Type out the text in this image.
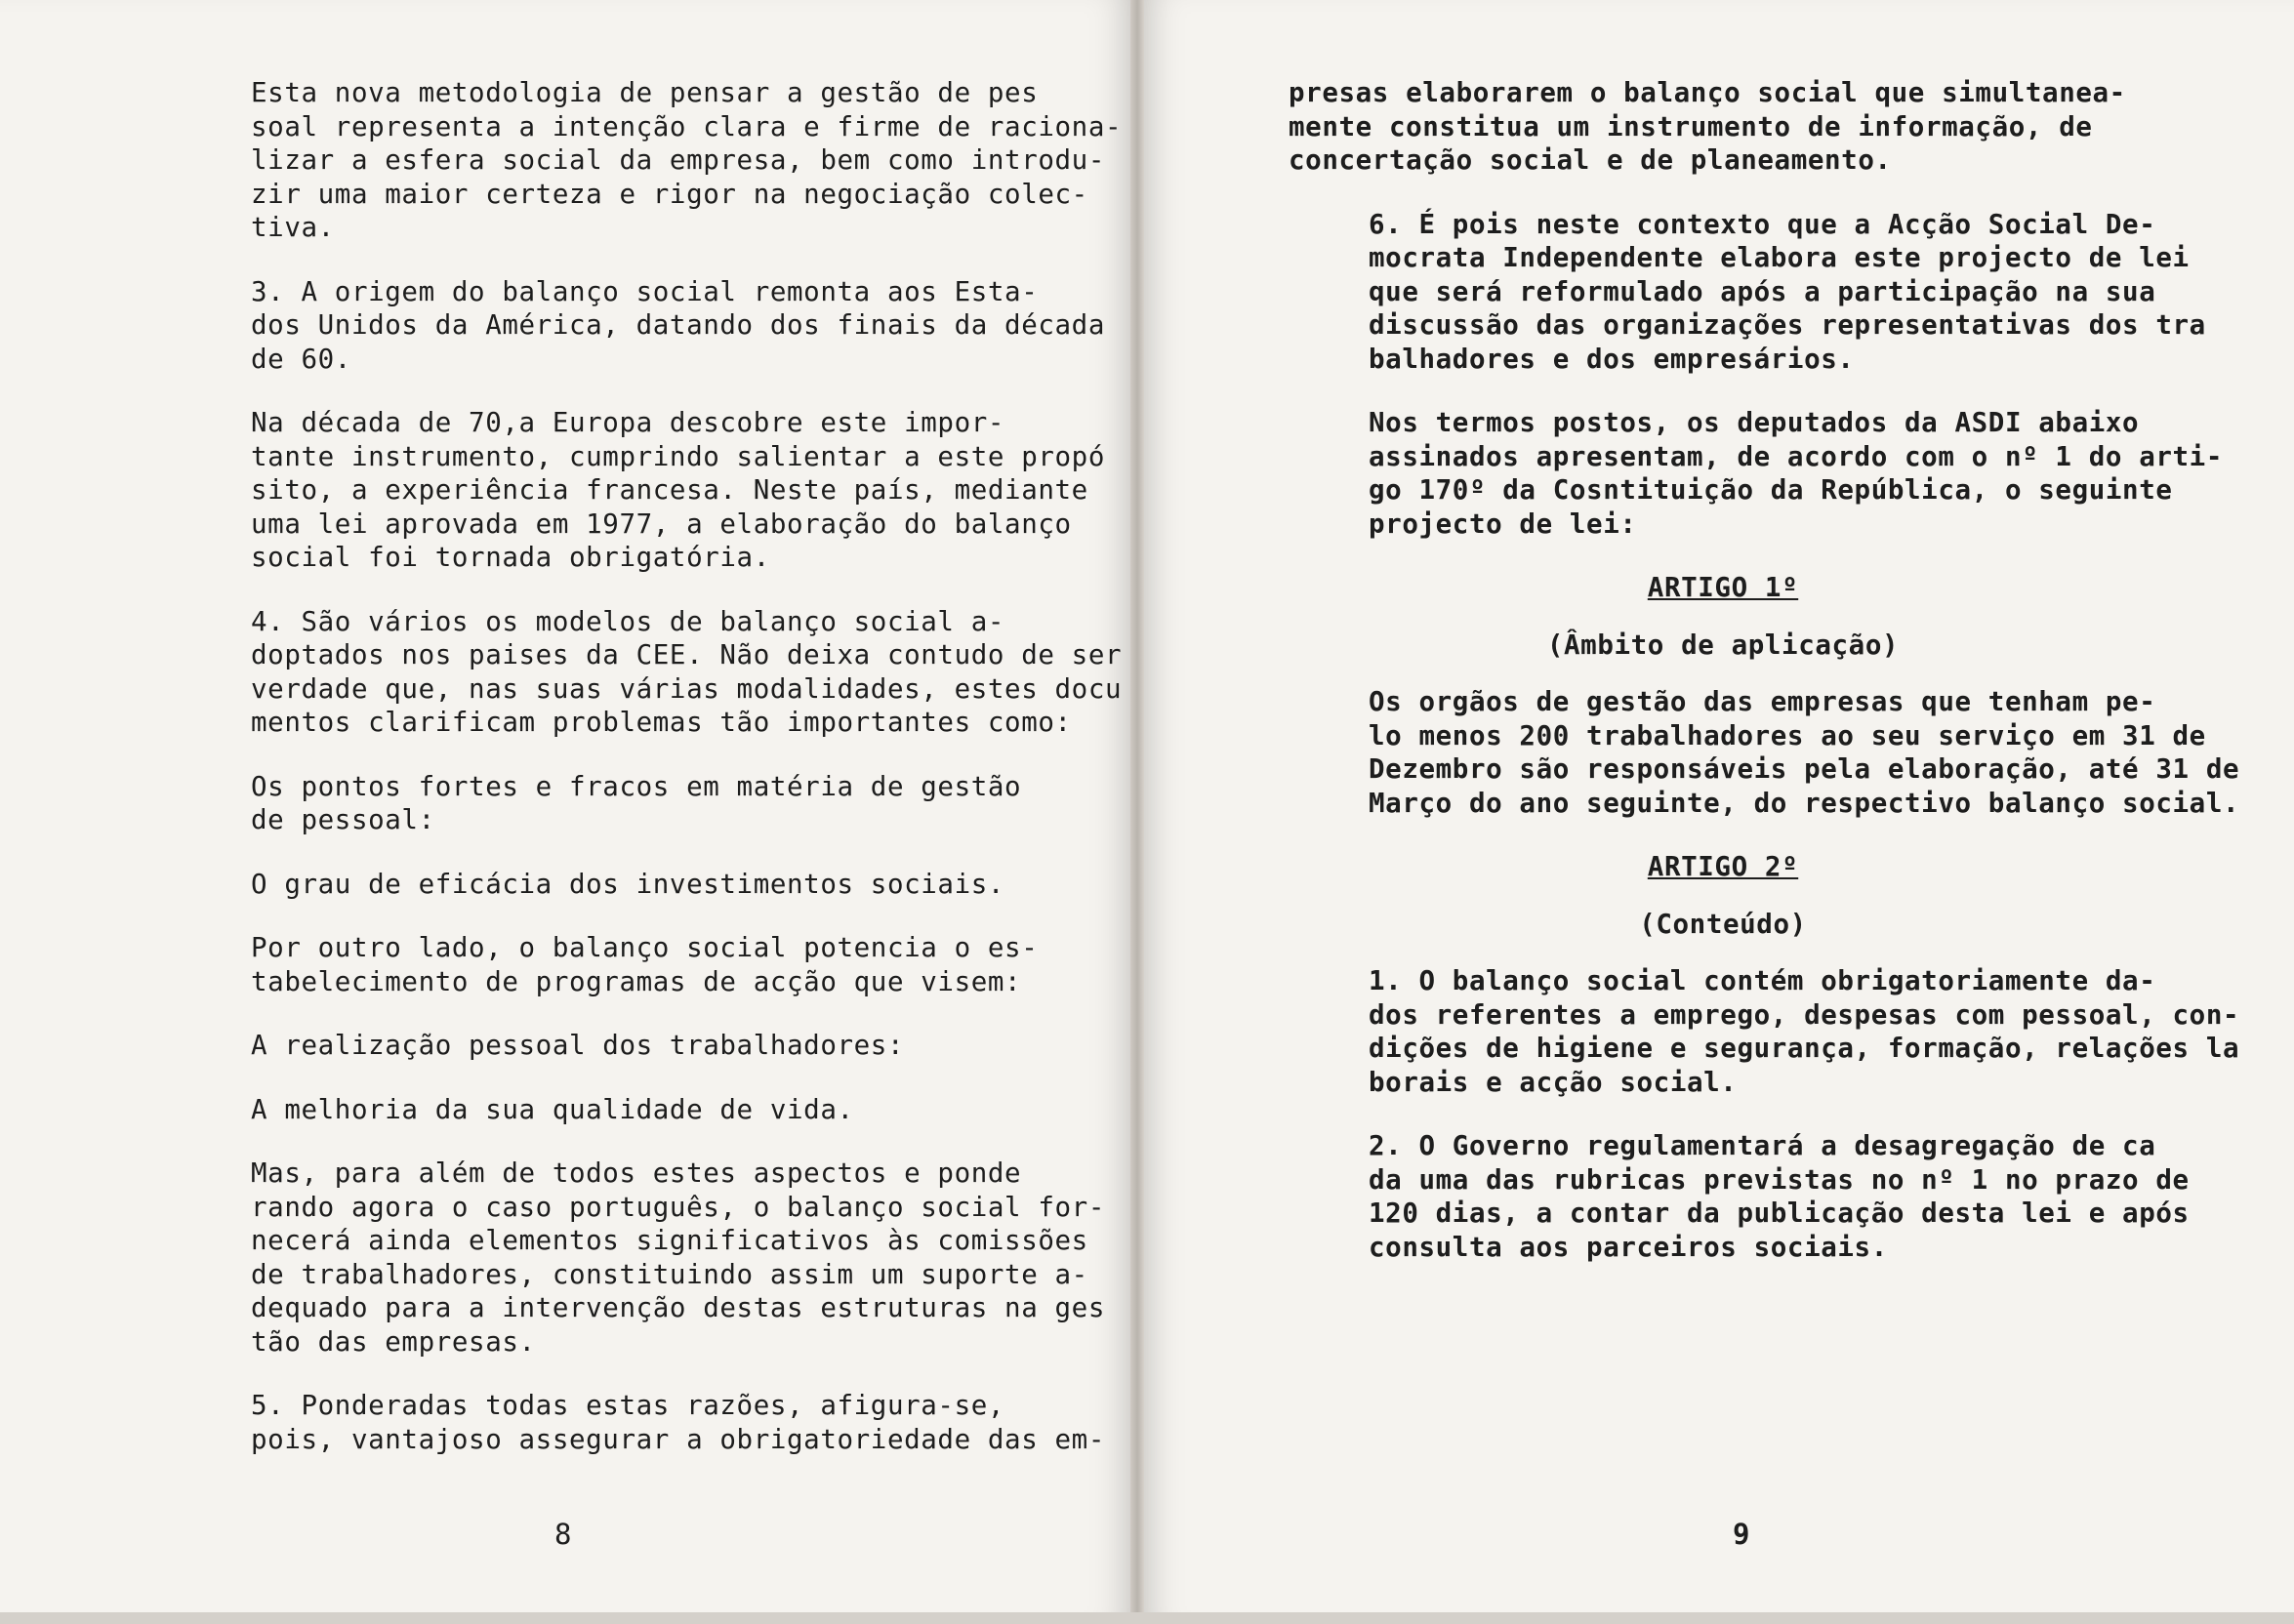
Esta nova metodologia de pensar a gestão de pes
soal representa a intenção clara e firme de raciona-
lizar a esfera social da empresa, bem como introdu-
zir uma maior certeza e rigor na negociação colec-
tiva.

3. A origem do balanço social remonta aos Esta-
dos Unidos da América, datando dos finais da década
de 60.

Na década de 70,a Europa descobre este impor-
tante instrumento, cumprindo salientar a este propó
sito, a experiência francesa. Neste país, mediante
uma lei aprovada em 1977, a elaboração do balanço
social foi tornada obrigatória.

4. São vários os modelos de balanço social a-
doptados nos paises da CEE. Não deixa contudo de ser
verdade que, nas suas várias modalidades, estes docu
mentos clarificam problemas tão importantes como:

Os pontos fortes e fracos em matéria de gestão
de pessoal:

O grau de eficácia dos investimentos sociais.

Por outro lado, o balanço social potencia o es-
tabelecimento de programas de acção que visem:

A realização pessoal dos trabalhadores:

A melhoria da sua qualidade de vida.

Mas, para além de todos estes aspectos e ponde
rando agora o caso português, o balanço social for-
necerá ainda elementos significativos às comissões
de trabalhadores, constituindo assim um suporte a-
dequado para a intervenção destas estruturas na ges
tão das empresas.

5. Ponderadas todas estas razões, afigura-se,
pois, vantajoso assegurar a obrigatoriedade das em-

8

presas elaborarem o balanço social que simultanea-
mente constitua um instrumento de informação, de
concertação social e de planeamento.

6. É pois neste contexto que a Acção Social De-
mocrata Independente elabora este projecto de lei
que será reformulado após a participação na sua
discussão das organizações representativas dos tra
balhadores e dos empresários.

Nos termos postos, os deputados da ASDI abaixo
assinados apresentam, de acordo com o nº 1 do arti-
go 170º da Cosntituição da República, o seguinte
projecto de lei:

ARTIGO 1º
(Âmbito de aplicação)

Os orgãos de gestão das empresas que tenham pe-
lo menos 200 trabalhadores ao seu serviço em 31 de
Dezembro são responsáveis pela elaboração, até 31 de
Março do ano seguinte, do respectivo balanço social.

ARTIGO 2º
(Conteúdo)

1. O balanço social contém obrigatoriamente da-
dos referentes a emprego, despesas com pessoal, con-
dições de higiene e segurança, formação, relações la
borais e acção social.

2. O Governo regulamentará a desagregação de ca
da uma das rubricas previstas no nº 1 no prazo de
120 dias, a contar da publicação desta lei e após
consulta aos parceiros sociais.

9
